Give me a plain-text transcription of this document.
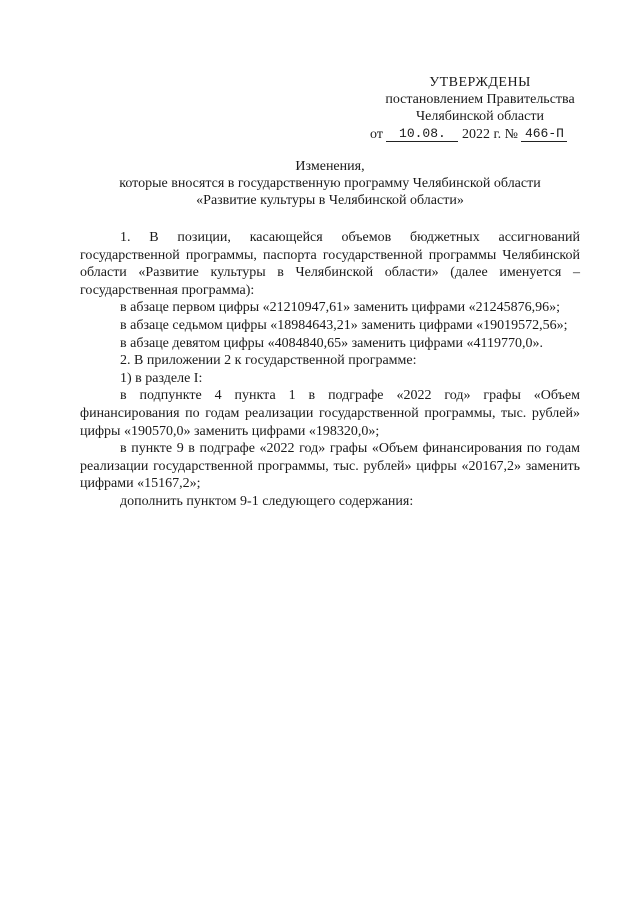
УТВЕРЖДЕНЫ
постановлением Правительства
Челябинской области
от 10.08. 2022 г. № 466-П
Изменения,
которые вносятся в государственную программу Челябинской области
«Развитие культуры в Челябинской области»

1. В позиции, касающейся объемов бюджетных ассигнований государственной программы, паспорта государственной программы Челябинской области «Развитие культуры в Челябинской области» (далее именуется – государственная программа):

в абзаце первом цифры «21210947,61» заменить цифрами «21245876,96»;

в абзаце седьмом цифры «18984643,21» заменить цифрами «19019572,56»;

в абзаце девятом цифры «4084840,65» заменить цифрами «4119770,0».

2. В приложении 2 к государственной программе:

1) в разделе I:

в подпункте 4 пункта 1 в подграфе «2022 год» графы «Объем финансирования по годам реализации государственной программы, тыс. рублей» цифры «190570,0» заменить цифрами «198320,0»;

в пункте 9 в подграфе «2022 год» графы «Объем финансирования по годам реализации государственной программы, тыс. рублей» цифры «20167,2» заменить цифрами «15167,2»;

дополнить пунктом 9-1 следующего содержания:
